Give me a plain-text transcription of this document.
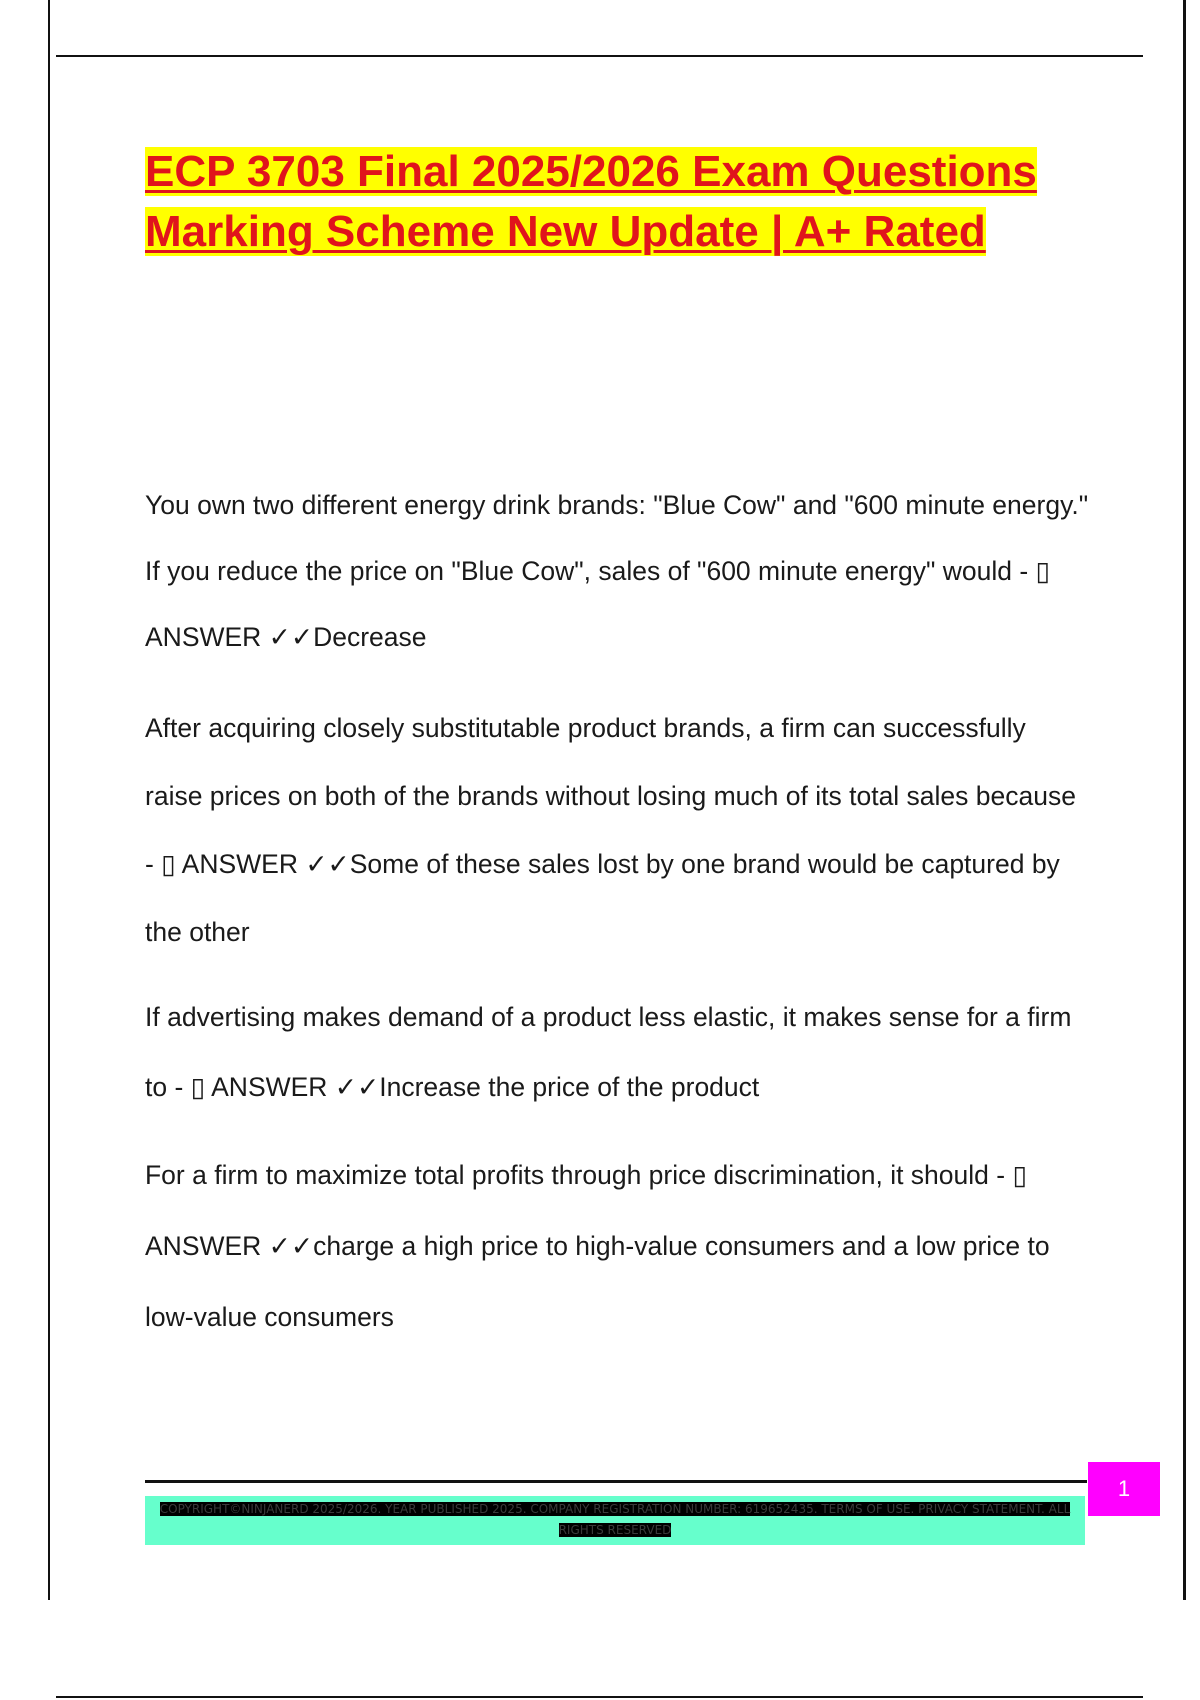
ECP 3703 Final 2025/2026 Exam Questions Marking Scheme New Update | A+ Rated

You own two different energy drink brands: "Blue Cow" and "600 minute energy." If you reduce the price on "Blue Cow", sales of "600 minute energy" would - ▯ ANSWER ✓✓Decrease

After acquiring closely substitutable product brands, a firm can successfully raise prices on both of the brands without losing much of its total sales because - ▯ ANSWER ✓✓Some of these sales lost by one brand would be captured by the other

If advertising makes demand of a product less elastic, it makes sense for a firm to - ▯ ANSWER ✓✓Increase the price of the product

For a firm to maximize total profits through price discrimination, it should - ▯ ANSWER ✓✓charge a high price to high-value consumers and a low price to low-value consumers

COPYRIGHT©NINJANERD 2025/2026. YEAR PUBLISHED 2025. COMPANY REGISTRATION NUMBER: 619652435. TERMS OF USE. PRIVACY STATEMENT. ALL RIGHTS RESERVED
1
